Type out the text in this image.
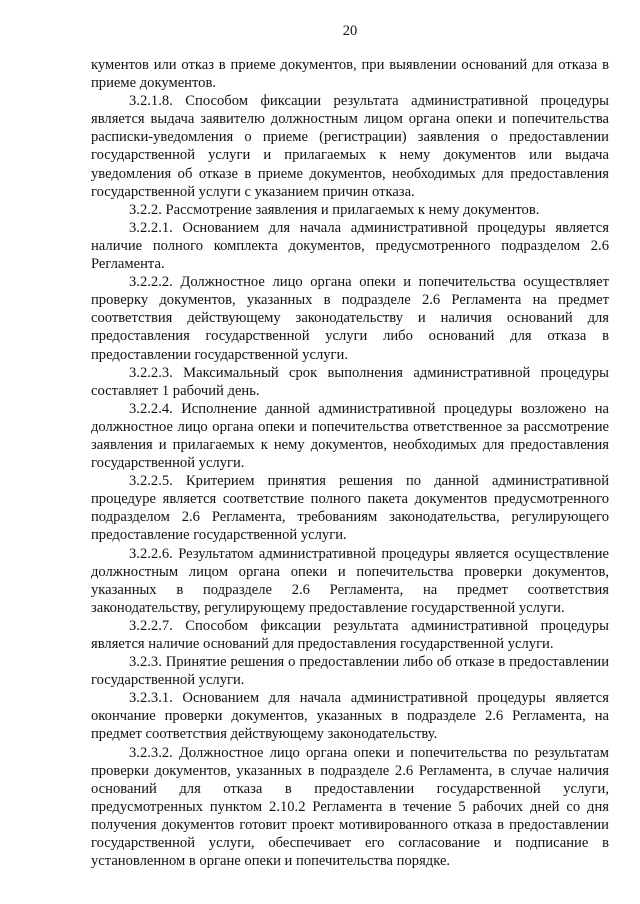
20

кументов или отказ в приеме документов, при выявлении оснований для отказа в приеме документов.

3.2.1.8. Способом фиксации результата административной процедуры является выдача заявителю должностным лицом органа опеки и попечительства расписки-уведомления о приеме (регистрации) заявления о предоставлении государственной услуги и прилагаемых к нему документов или выдача уведомления об отказе в приеме документов, необходимых для предоставления государственной услуги с указанием причин отказа.

3.2.2. Рассмотрение заявления и прилагаемых к нему документов.

3.2.2.1. Основанием для начала административной процедуры является наличие полного комплекта документов, предусмотренного подразделом 2.6 Регламента.

3.2.2.2. Должностное лицо органа опеки и попечительства осуществляет проверку документов, указанных в подразделе 2.6 Регламента на предмет соответствия действующему законодательству и наличия оснований для предоставления государственной услуги либо оснований для отказа в предоставлении государственной услуги.

3.2.2.3. Максимальный срок выполнения административной процедуры составляет 1 рабочий день.

3.2.2.4. Исполнение данной административной процедуры возложено на должностное лицо органа опеки и попечительства ответственное за рассмотрение заявления и прилагаемых к нему документов, необходимых для предоставления государственной услуги.

3.2.2.5. Критерием принятия решения по данной административной процедуре является соответствие полного пакета документов предусмотренного подразделом 2.6 Регламента, требованиям законодательства, регулирующего предоставление государственной услуги.

3.2.2.6. Результатом административной процедуры является осуществление должностным лицом органа опеки и попечительства проверки документов, указанных в подразделе 2.6 Регламента, на предмет соответствия законодательству, регулирующему предоставление государственной услуги.

3.2.2.7. Способом фиксации результата административной процедуры является наличие оснований для предоставления государственной услуги.

3.2.3. Принятие решения о предоставлении либо об отказе в предоставлении государственной услуги.

3.2.3.1. Основанием для начала административной процедуры является окончание проверки документов, указанных в подразделе 2.6 Регламента, на предмет соответствия действующему законодательству.

3.2.3.2. Должностное лицо органа опеки и попечительства по результатам проверки документов, указанных в подразделе 2.6 Регламента, в случае наличия оснований для отказа в предоставлении государственной услуги, предусмотренных пунктом 2.10.2 Регламента в течение 5 рабочих дней со дня получения документов готовит проект мотивированного отказа в предоставлении государственной услуги, обеспечивает его согласование и подписание в установленном в органе опеки и попечительства порядке.
